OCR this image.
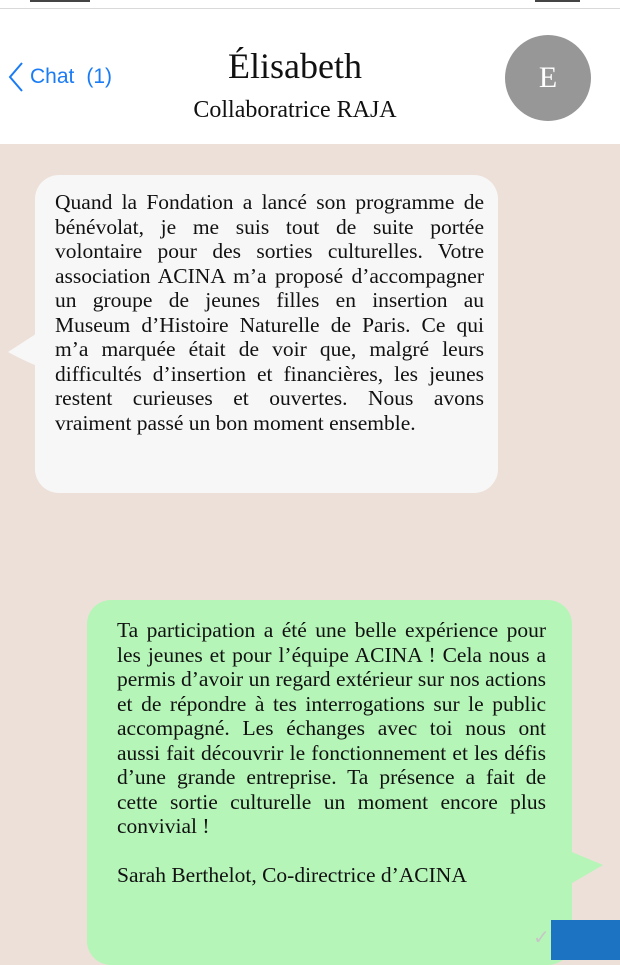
Chat (1)	Élisabeth
Collaboratrice RAJA
E

Quand la Fondation a lancé son programme de bénévolat, je me suis tout de suite portée volontaire pour des sorties culturelles. Votre association ACINA m’a proposé d’accompagner un groupe de jeunes filles en insertion au Museum d’Histoire Naturelle de Paris. Ce qui m’a marquée était de voir que, malgré leurs difficultés d’insertion et financières, les jeunes restent curieuses et ouvertes. Nous avons vraiment passé un bon moment ensemble.

Ta participation a été une belle expérience pour les jeunes et pour l’équipe ACINA ! Cela nous a permis d’avoir un regard extérieur sur nos actions et de répondre à tes interrogations sur le public accompagné. Les échanges avec toi nous ont aussi fait découvrir le fonctionnement et les défis d’une grande entreprise. Ta présence a fait de cette sortie culturelle un moment encore plus convivial !

Sarah Berthelot, Co-directrice d’ACINA

✓
